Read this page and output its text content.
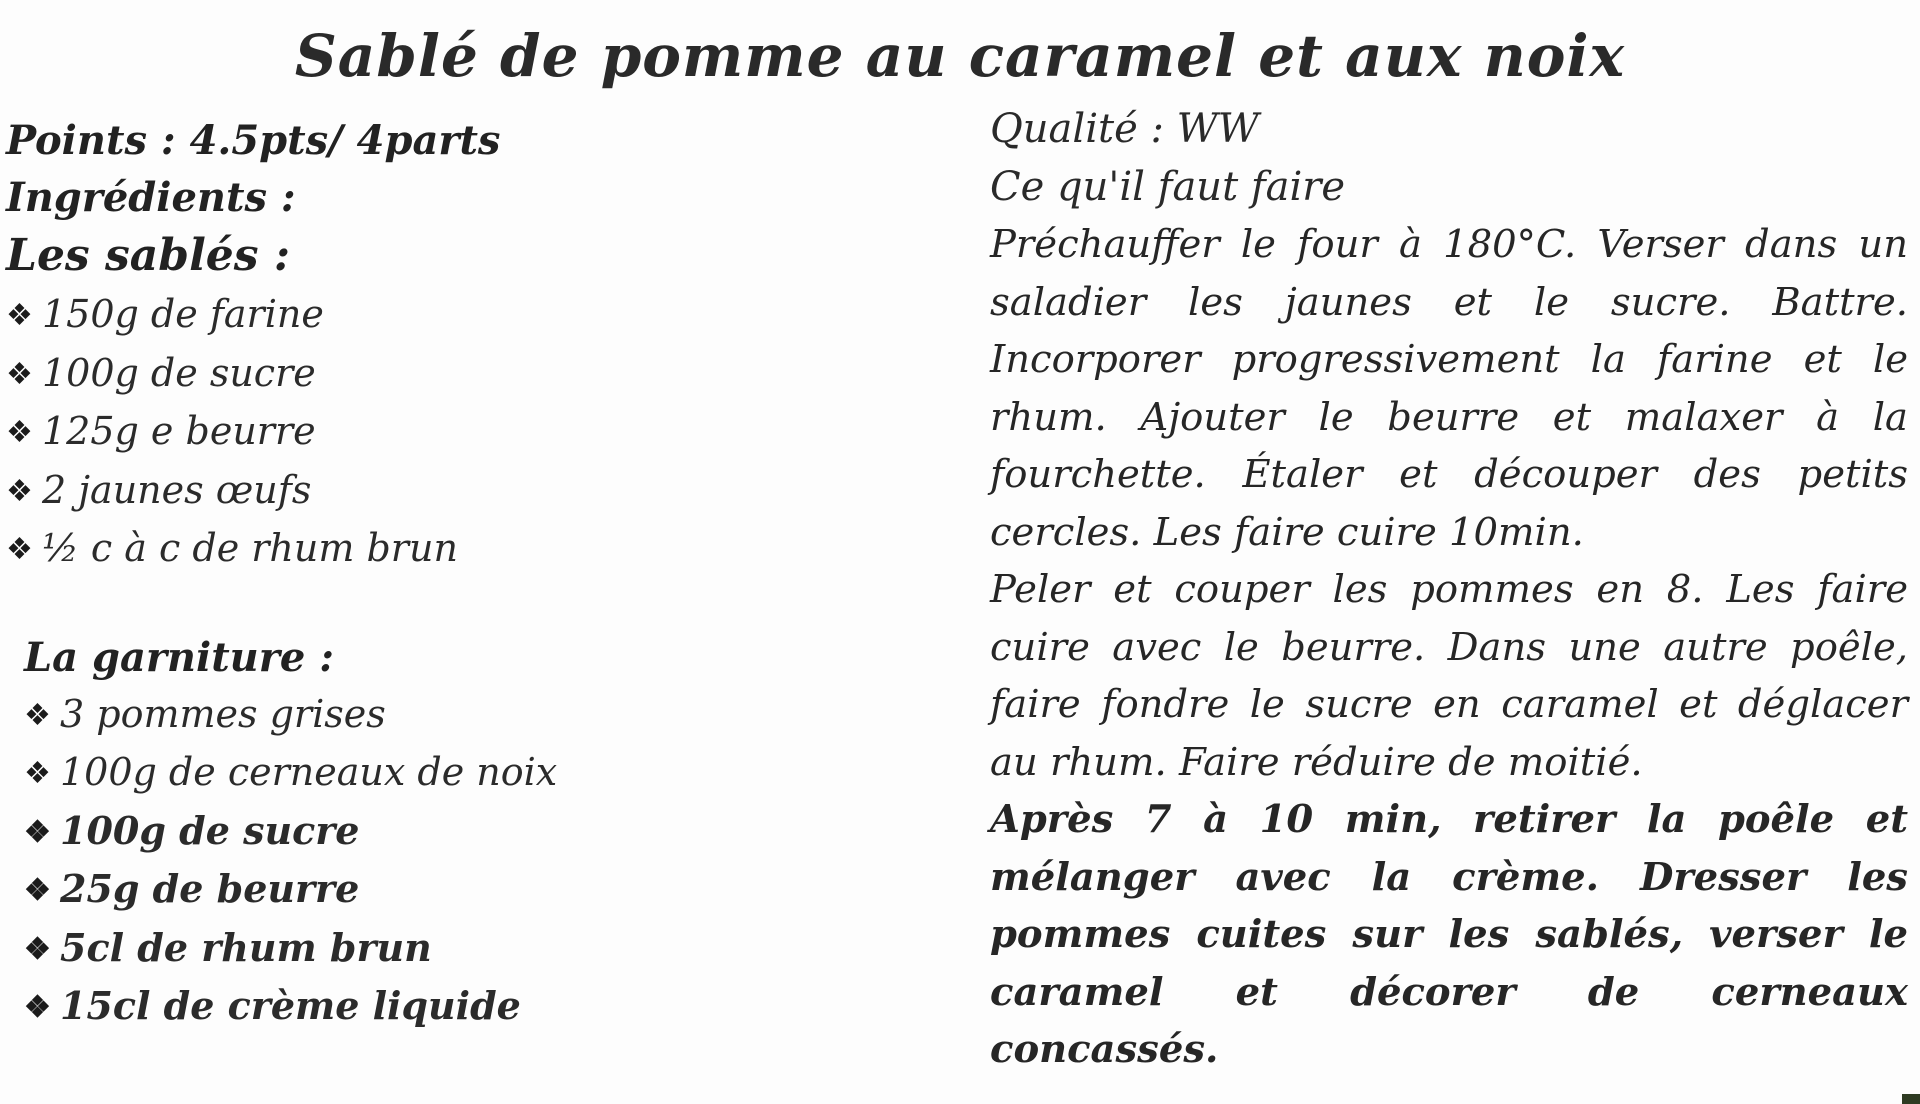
Sablé de pomme au caramel et aux noix
Points : 4.5pts/ 4parts
Ingrédients :
Les sablés :
❖ 150g de farine
❖ 100g de sucre
❖ 125g e beurre
❖ 2 jaunes œufs
❖ ½ c à c de rhum brun
La garniture :
❖ 3 pommes grises
❖ 100g de cerneaux de noix
❖ 100g de sucre
❖ 25g de beurre
❖ 5cl de rhum brun
❖ 15cl de crème liquide
Qualité : WW
Ce qu'il faut faire

Préchauffer le four à 180°C. Verser dans un saladier les jaunes et le sucre. Battre. Incorporer progressivement la farine et le rhum. Ajouter le beurre et malaxer à la fourchette. Étaler et découper des petits cercles. Les faire cuire 10min.

Peler et couper les pommes en 8. Les faire cuire avec le beurre. Dans une autre poêle, faire fondre le sucre en caramel et déglacer au rhum. Faire réduire de moitié.

Après 7 à 10 min, retirer la poêle et mélanger avec la crème. Dresser les pommes cuites sur les sablés, verser le caramel et décorer de cerneaux concassés.
